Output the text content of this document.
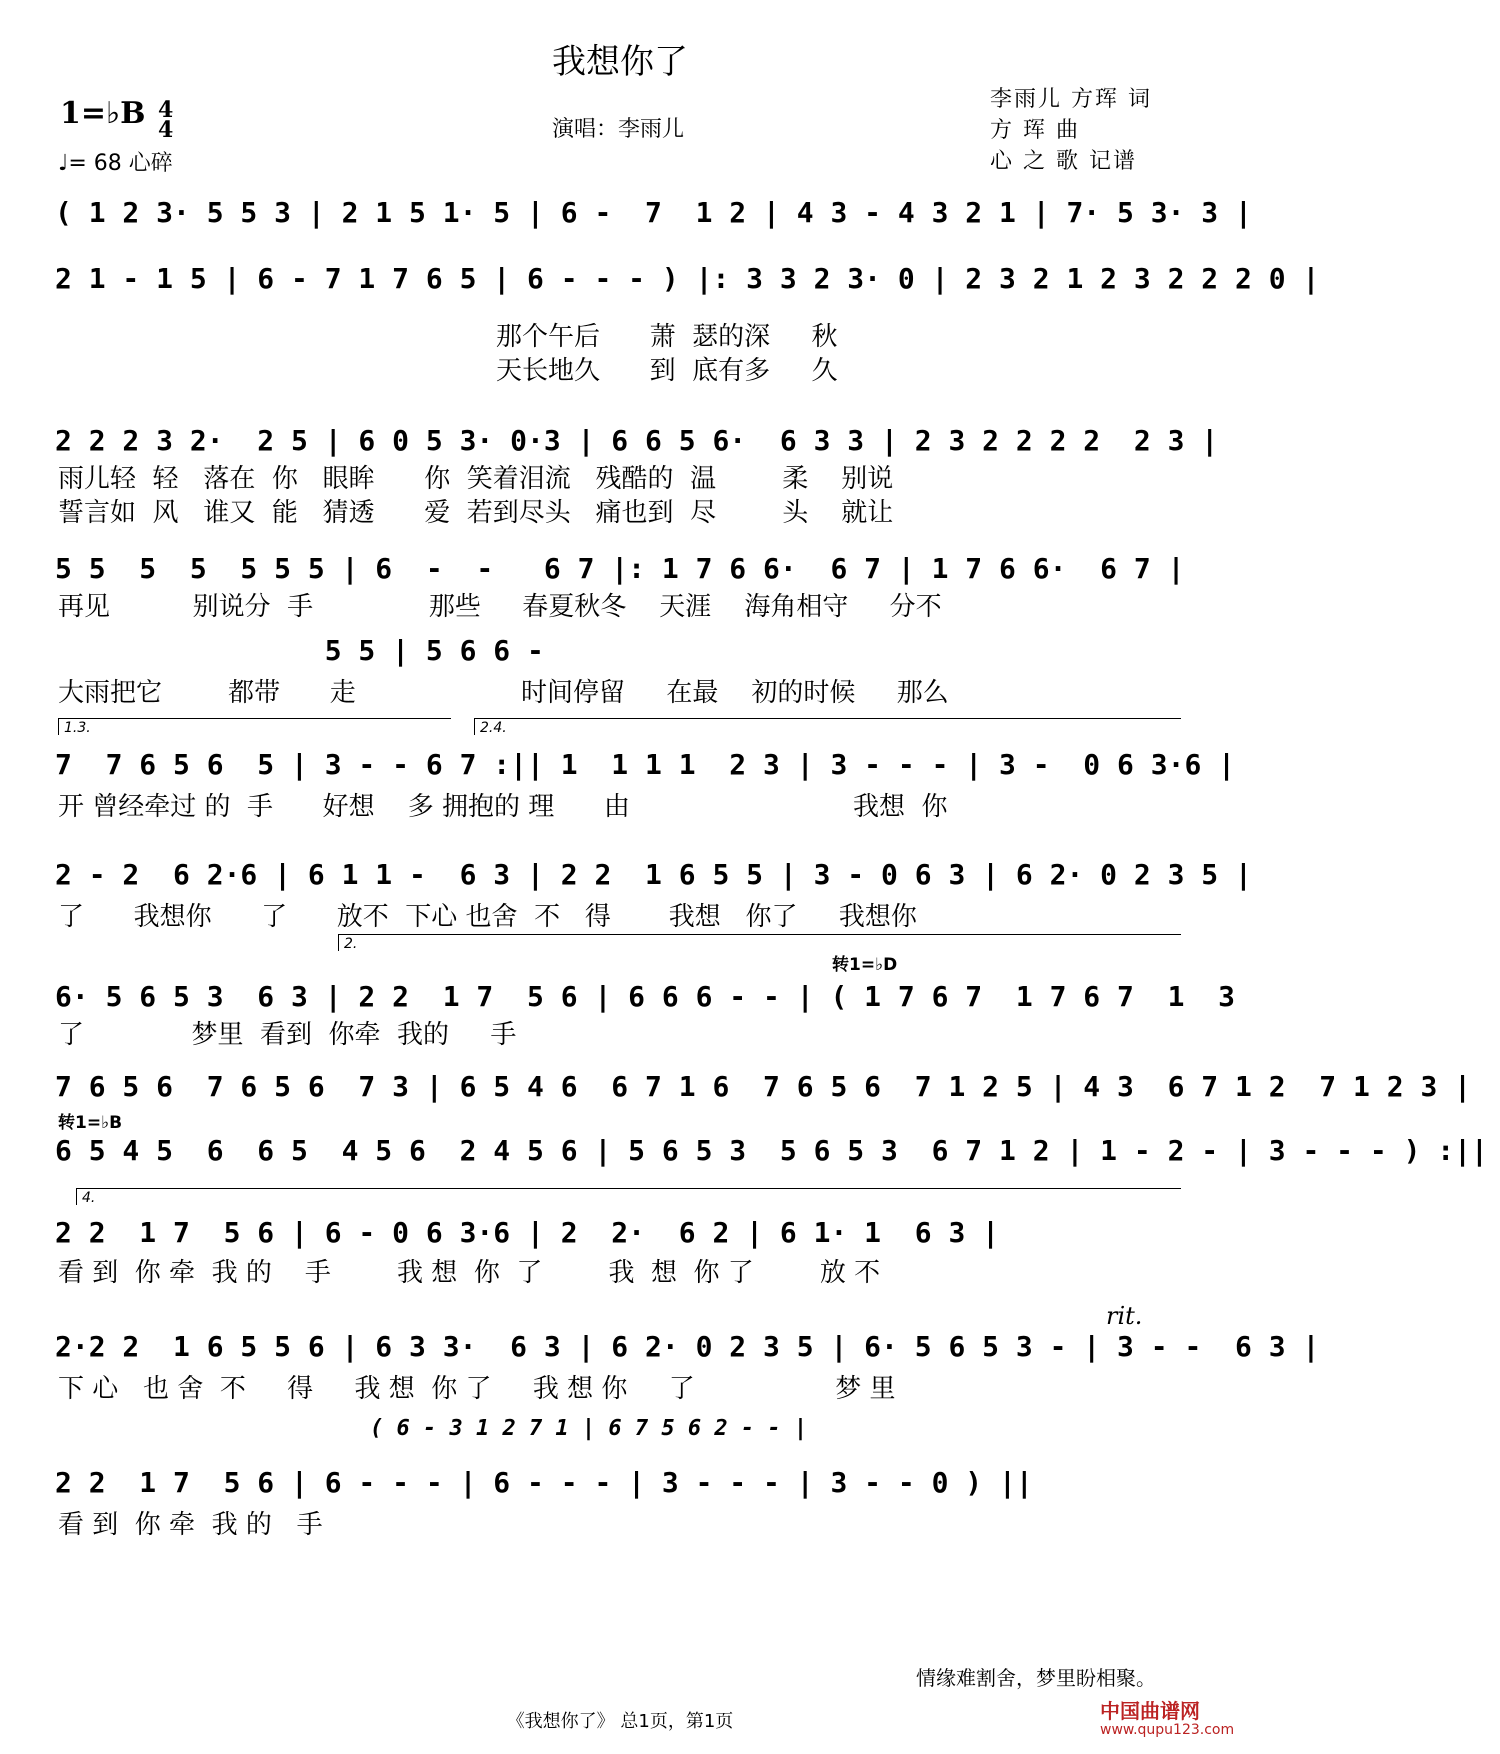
我想你了
1=♭B 4
4
♩= 68 心碎
演唱：李雨儿
李雨儿 方珲 词
方 珲 曲
心 之 歌 记谱
( 1 2 3· 5 5 3 | 2 1 5 1· 5 | 6 -  7  1 2 | 4 3 - 4 3 2 1 | 7· 5 3· 3 |
2 1 - 1 5 | 6 - 7 1 7 6 5 | 6 - - - ) |: 3 3 2 3· 0 | 2 3 2 1 2 3 2 2 2 0 |
那个午后      萧  瑟的深     秋
天长地久      到  底有多     久
2 2 2 3 2·  2 5 | 6 0 5 3· 0·3 | 6 6 5 6·  6 3 3 | 2 3 2 2 2 2  2 3 |
雨儿轻  轻   落在  你   眼眸      你  笑着泪流   残酷的  温        柔    别说
誓言如  风   谁又  能   猜透      爱  若到尽头   痛也到  尽        头    就让
5 5  5  5  5 5 5 | 6  -  -   6 7 |: 1 7 6 6·  6 7 | 1 7 6 6·  6 7 |
再见          别说分  手              那些     春夏秋冬    天涯    海角相守     分不
5 5 | 5 6 6 -
大雨把它        都带      走                    时间停留     在最    初的时候     那么
1.3.	2.4.
7  7 6 5 6  5 | 3 - - 6 7 :|| 1  1 1 1  2 3 | 3 - - - | 3 -  0 6 3·6 |
开 曾经牵过 的  手      好想    多 拥抱的 理      由                           我想  你
2 - 2  6 2·6 | 6 1 1 -  6 3 | 2 2  1 6 5 5 | 3 - 0 6 3 | 6 2· 0 2 3 5 |
了      我想你      了      放不  下心 也舍  不   得       我想   你了     我想你
2.
转1=♭D
6· 5 6 5 3  6 3 | 2 2  1 7  5 6 | 6 6 6 - - | ( 1 7 6 7  1 7 6 7  1  3
了             梦里  看到  你牵  我的     手
7 6 5 6  7 6 5 6  7 3 | 6 5 4 6  6 7 1 6  7 6 5 6  7 1 2 5 | 4 3  6 7 1 2  7 1 2 3 |
转1=♭B
6 5 4 5  6  6 5  4 5 6  2 4 5 6 | 5 6 5 3  5 6 5 3  6 7 1 2 | 1 - 2 - | 3 - - - ) :||
4.
2 2  1 7  5 6 | 6 - 0 6 3·6 | 2  2·  6 2 | 6 1· 1  6 3 |
看 到  你 牵  我 的    手        我 想  你  了        我  想  你 了        放 不
rit.
2·2 2  1 6 5 5 6 | 6 3 3·  6 3 | 6 2· 0 2 3 5 | 6· 5 6 5 3 - | 3 - -  6 3 |
下 心   也 舍  不     得     我 想  你 了     我 想 你     了                 梦 里
( 6 - 3 1 2 7 1 | 6 7 5 6 2 - - |
2 2  1 7  5 6 | 6 - - - | 6 - - - | 3 - - - | 3 - - 0 ) ||
看 到  你 牵  我 的   手
情缘难割舍，梦里盼相聚。
《我想你了》 总1页，第1页	中国曲谱网
www.qupu123.com
